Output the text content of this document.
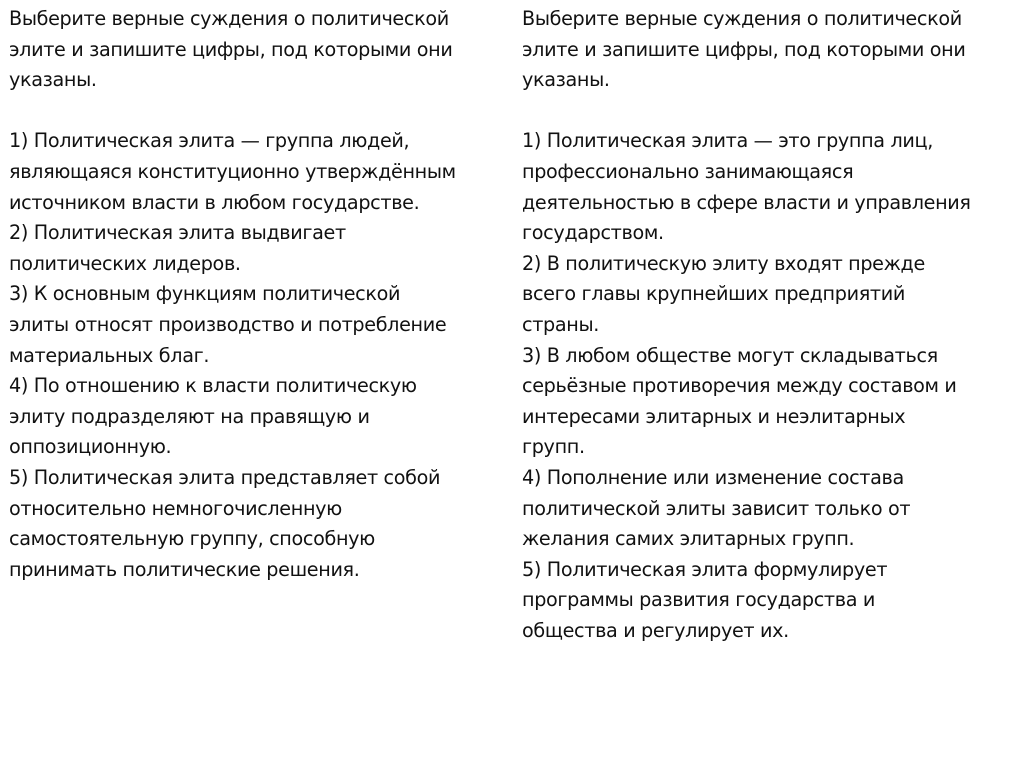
Выберите верные суждения о политической
элите и запишите цифры, под которыми они
указаны.
1) Политическая элита — группа людей,
являющаяся конституционно утверждённым
источником власти в любом государстве.
2) Политическая элита выдвигает
политических лидеров.
3) К основным функциям политической
элиты относят производство и потребление
материальных благ.
4) По отношению к власти политическую
элиту подразделяют на правящую и
оппозиционную.
5) Политическая элита представляет собой
относительно немногочисленную
самостоятельную группу, способную
принимать политические решения.
Выберите верные суждения о политической
элите и запишите цифры, под которыми они
указаны.
1) Политическая элита — это группа лиц,
профессионально занимающаяся
деятельностью в сфере власти и управления
государством.
2) В политическую элиту входят прежде
всего главы крупнейших предприятий
страны.
3) В любом обществе могут складываться
серьёзные противоречия между составом и
интересами элитарных и неэлитарных
групп.
4) Пополнение или изменение состава
политической элиты зависит только от
желания самих элитарных групп.
5) Политическая элита формулирует
программы развития государства и
общества и регулирует их.
